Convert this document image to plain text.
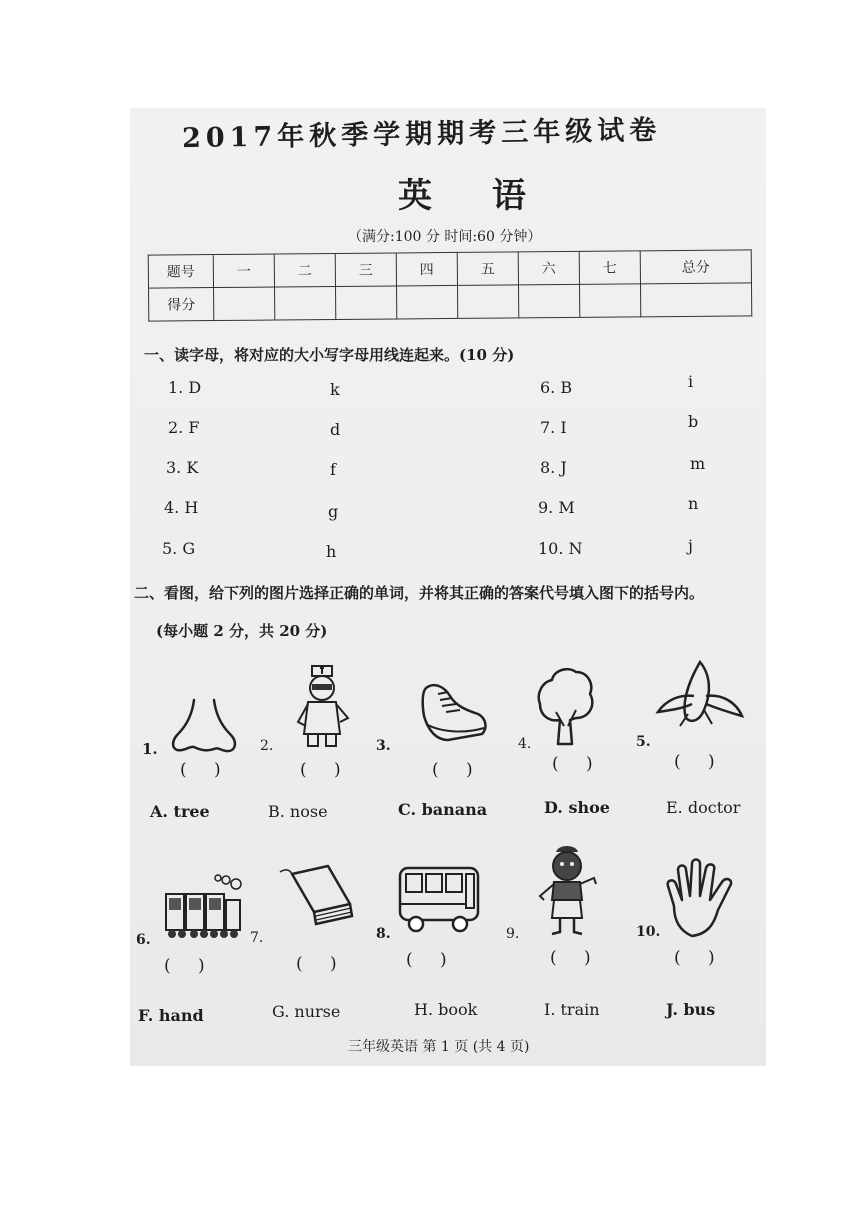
2017年秋季学期期考三年级试卷
英 语
（满分:100 分 时间:60 分钟）
题号	一	二	三	四	五	六	七	总分
得分								
一、读字母，将对应的大小写字母用线连起来。(10 分)
1. D	k
2. F	d
3. K	f
4. H	g
5. G	h
6. B	i
7. I	b
8. J	m
9. M	n
10. N	j
二、看图，给下列的图片选择正确的单词，并将其正确的答案代号填入图下的括号内。
(每小题 2 分，共 20 分)
1.
( )
2.
( )
3.
( )
4.
( )
5.
( )
A. tree	B. nose	C. banana	D. shoe	E. doctor
6.
( )
7.
( )
8.
( )
9.
( )
10.
( )
F. hand	G. nurse	H. book	I. train	J. bus
三年级英语 第 1 页 (共 4 页)
